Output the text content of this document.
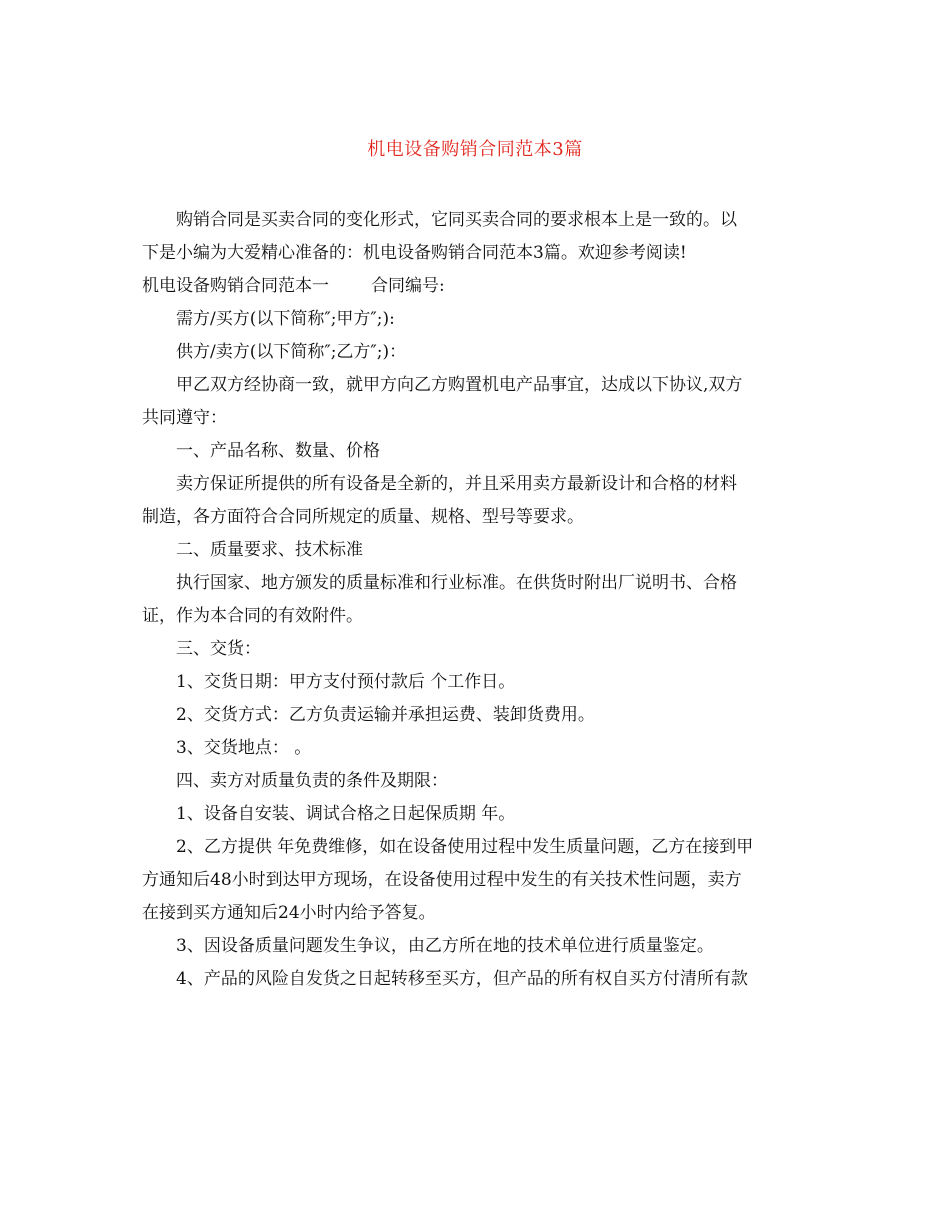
机电设备购销合同范本3篇

购销合同是买卖合同的变化形式，它同买卖合同的要求根本上是一致的。以

下是小编为大爱精心准备的：机电设备购销合同范本3篇。欢迎参考阅读!

机电设备购销合同范本一 合同编号:

需方/买方(以下简称″;甲方″;):

供方/卖方(以下简称″;乙方″;)：

甲乙双方经协商一致，就甲方向乙方购置机电产品事宜，达成以下协议,双方

共同遵守：

一、产品名称、数量、价格

卖方保证所提供的所有设备是全新的，并且采用卖方最新设计和合格的材料

制造，各方面符合合同所规定的质量、规格、型号等要求。

二、质量要求、技术标准

执行国家、地方颁发的质量标准和行业标准。在供货时附出厂说明书、合格

证，作为本合同的有效附件。

三、交货：

1、交货日期：甲方支付预付款后 个工作日。

2、交货方式：乙方负责运输并承担运费、装卸货费用。

3、交货地点： 。

四、卖方对质量负责的条件及期限：

1、设备自安装、调试合格之日起保质期 年。

2、乙方提供 年免费维修，如在设备使用过程中发生质量问题，乙方在接到甲

方通知后48小时到达甲方现场，在设备使用过程中发生的有关技术性问题，卖方

在接到买方通知后24小时内给予答复。

3、因设备质量问题发生争议，由乙方所在地的技术单位进行质量鉴定。

4、产品的风险自发货之日起转移至买方，但产品的所有权自买方付清所有款
